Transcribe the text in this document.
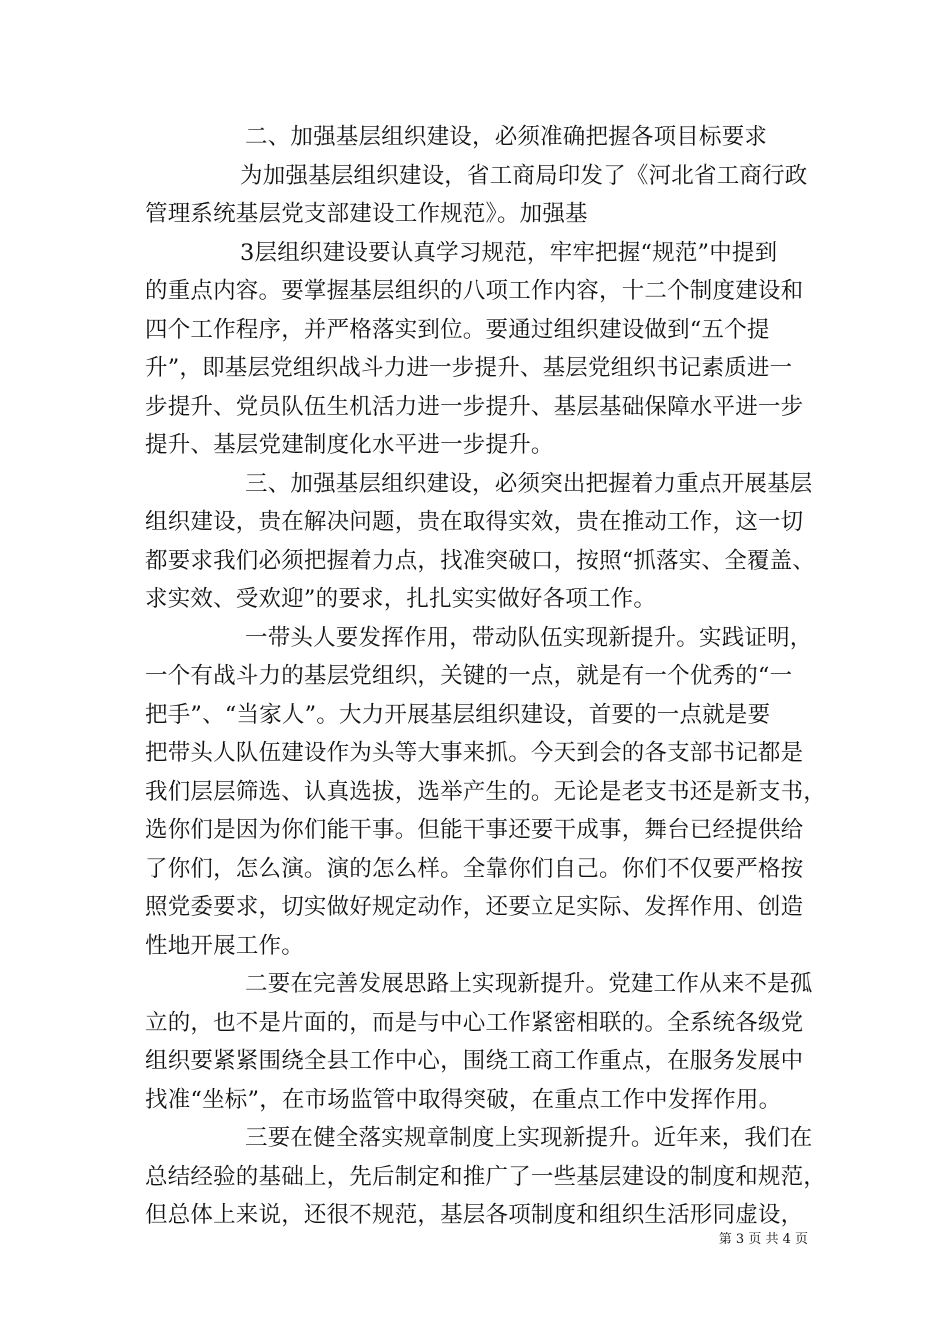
二、加强基层组织建设，必须准确把握各项目标要求
为加强基层组织建设，省工商局印发了《河北省工商行政
管理系统基层党支部建设工作规范》。加强基
3层组织建设要认真学习规范，牢牢把握“规范”中提到
的重点内容。要掌握基层组织的八项工作内容，十二个制度建设和
四个工作程序，并严格落实到位。要通过组织建设做到“五个提
升”，即基层党组织战斗力进一步提升、基层党组织书记素质进一
步提升、党员队伍生机活力进一步提升、基层基础保障水平进一步
提升、基层党建制度化水平进一步提升。
三、加强基层组织建设，必须突出把握着力重点开展基层
组织建设，贵在解决问题，贵在取得实效，贵在推动工作，这一切
都要求我们必须把握着力点，找准突破口，按照“抓落实、全覆盖、
求实效、受欢迎”的要求，扎扎实实做好各项工作。
一带头人要发挥作用，带动队伍实现新提升。实践证明，
一个有战斗力的基层党组织，关键的一点，就是有一个优秀的“一
把手”、“当家人”。大力开展基层组织建设，首要的一点就是要
把带头人队伍建设作为头等大事来抓。今天到会的各支部书记都是
我们层层筛选、认真选拔，选举产生的。无论是老支书还是新支书，
选你们是因为你们能干事。但能干事还要干成事，舞台已经提供给
了你们，怎么演。演的怎么样。全靠你们自己。你们不仅要严格按
照党委要求，切实做好规定动作，还要立足实际、发挥作用、创造
性地开展工作。
二要在完善发展思路上实现新提升。党建工作从来不是孤
立的，也不是片面的，而是与中心工作紧密相联的。全系统各级党
组织要紧紧围绕全县工作中心，围绕工商工作重点，在服务发展中
找准“坐标”，在市场监管中取得突破，在重点工作中发挥作用。
三要在健全落实规章制度上实现新提升。近年来，我们在
总结经验的基础上，先后制定和推广了一些基层建设的制度和规范，
但总体上来说，还很不规范，基层各项制度和组织生活形同虚设，
第 3 页 共 4 页
